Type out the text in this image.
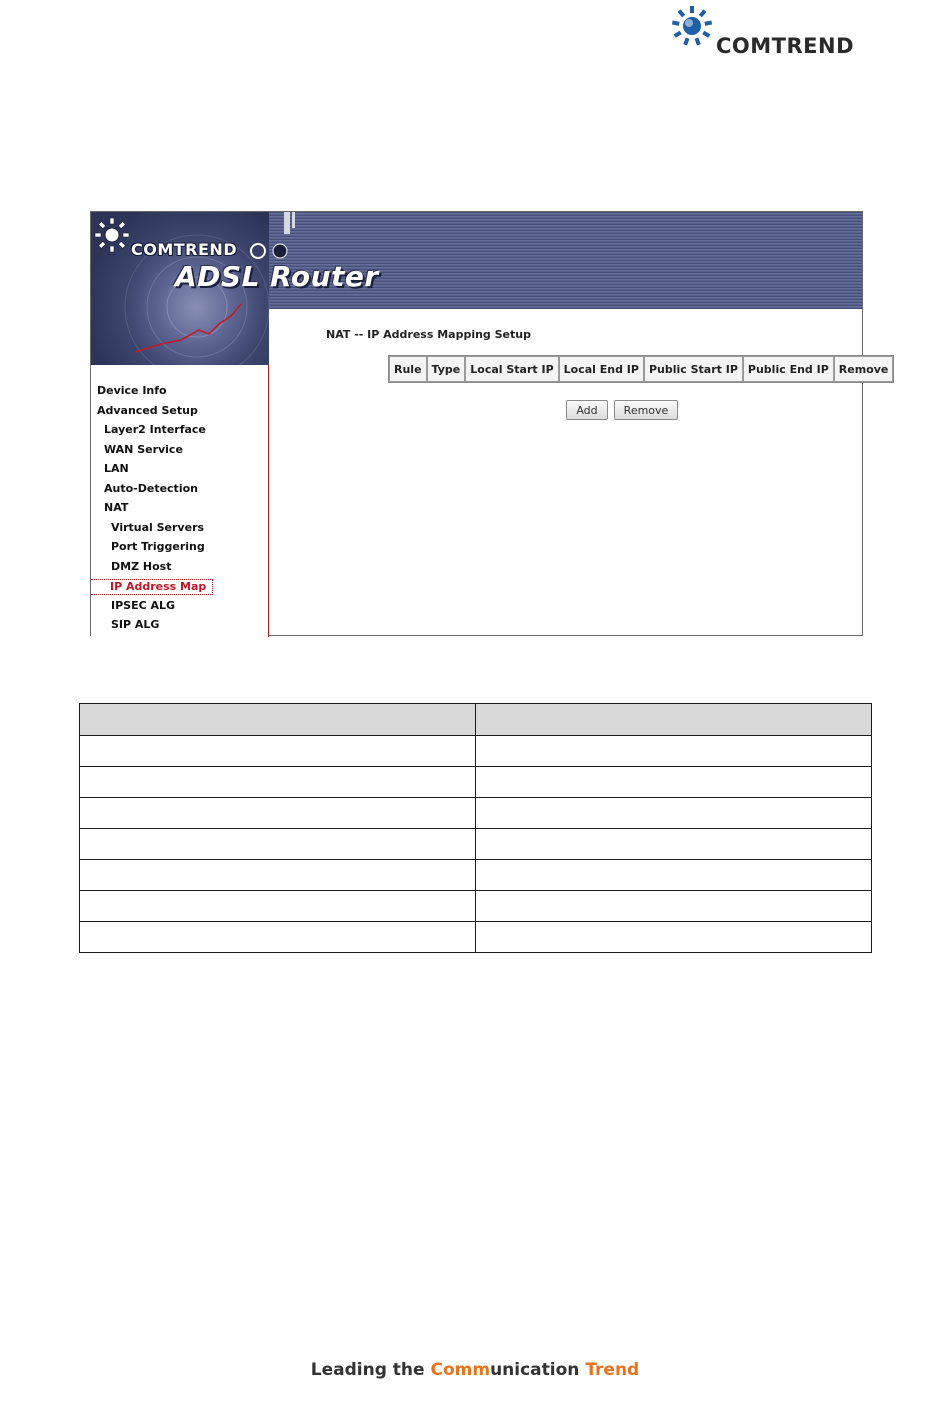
COMTREND
COMTREND
ADSL Router
Device Info
Advanced Setup
Layer2 Interface
WAN Service
LAN
Auto-Detection
NAT
Virtual Servers
Port Triggering
DMZ Host
IP Address Map
IPSEC ALG
SIP ALG
NAT -- IP Address Mapping Setup
Rule	Type	Local Start IP	Local End IP	Public Start IP	Public End IP	Remove
Add	Remove

Leading the Communication Trend
